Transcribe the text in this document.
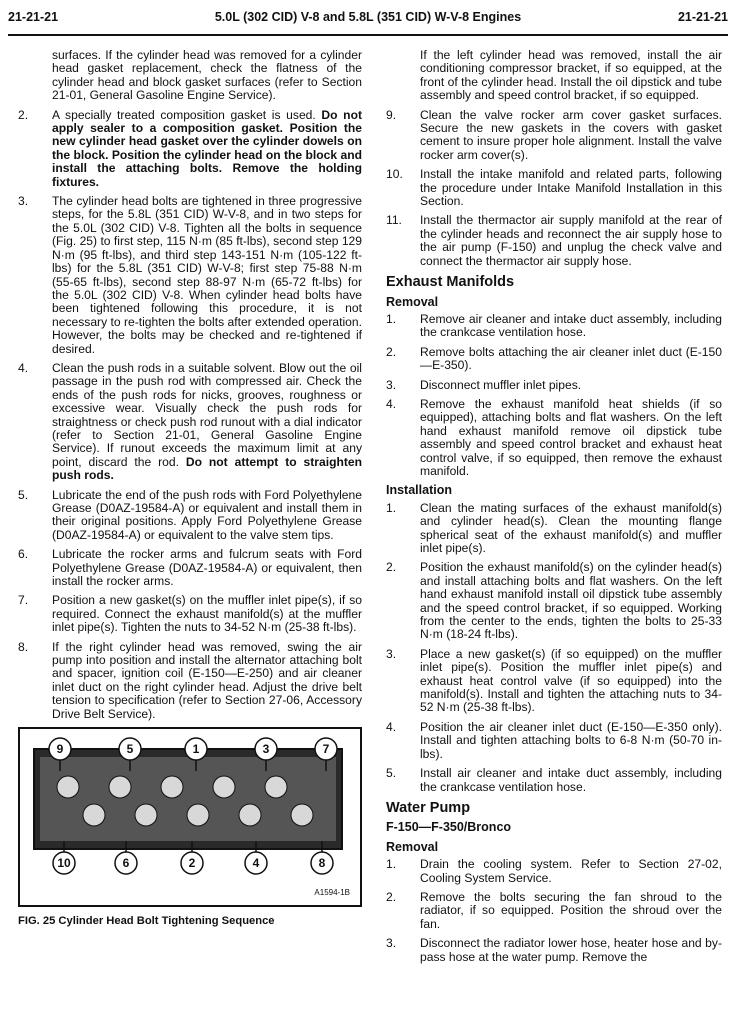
21-21-21	5.0L (302 CID) V-8 and 5.8L (351 CID) W-V-8 Engines	21-21-21

surfaces. If the cylinder head was removed for a cylinder head gasket replacement, check the flatness of the cylinder head and block gasket surfaces (refer to Section 21-01, General Gasoline Engine Service).

2.	A specially treated composition gasket is used. Do not apply sealer to a composition gasket. Position the new cylinder head gasket over the cylinder dowels on the block. Position the cylinder head on the block and install the attaching bolts. Remove the holding fixtures.
3.	The cylinder head bolts are tightened in three progressive steps, for the 5.8L (351 CID) W-V-8, and in two steps for the 5.0L (302 CID) V-8. Tighten all the bolts in sequence (Fig. 25) to first step, 115 N·m (85 ft-lbs), second step 129 N·m (95 ft-lbs), and third step 143-151 N·m (105-122 ft-lbs) for the 5.8L (351 CID) W-V-8; first step 75-88 N·m (55-65 ft-lbs), second step 88-97 N·m (65-72 ft-lbs) for the 5.0L (302 CID) V-8. When cylinder head bolts have been tightened following this procedure, it is not necessary to re-tighten the bolts after extended operation. However, the bolts may be checked and re-tightened if desired.
4.	Clean the push rods in a suitable solvent. Blow out the oil passage in the push rod with compressed air. Check the ends of the push rods for nicks, grooves, roughness or excessive wear. Visually check the push rods for straightness or check push rod runout with a dial indicator (refer to Section 21-01, General Gasoline Engine Service). If runout exceeds the maximum limit at any point, discard the rod. Do not attempt to straighten push rods.
5.	Lubricate the end of the push rods with Ford Polyethylene Grease (D0AZ-19584-A) or equivalent and install them in their original positions. Apply Ford Polyethylene Grease (D0AZ-19584-A) or equivalent to the valve stem tips.
6.	Lubricate the rocker arms and fulcrum seats with Ford Polyethylene Grease (D0AZ-19584-A) or equivalent, then install the rocker arms.
7.	Position a new gasket(s) on the muffler inlet pipe(s), if so required. Connect the exhaust manifold(s) at the muffler inlet pipe(s). Tighten the nuts to 34-52 N·m (25-38 ft-lbs).
8.	If the right cylinder head was removed, swing the air pump into position and install the alternator attaching bolt and spacer, ignition coil (E-150—E-250) and air cleaner inlet duct on the right cylinder head. Adjust the drive belt tension to specification (refer to Section 27-06, Accessory Drive Belt Service).
9	5	1	3	7
10	6	2	4	8
A1594-1B
FIG. 25 Cylinder Head Bolt Tightening Sequence

If the left cylinder head was removed, install the air conditioning compressor bracket, if so equipped, at the front of the cylinder head. Install the oil dipstick and tube assembly and speed control bracket, if so equipped.

9.	Clean the valve rocker arm cover gasket surfaces. Secure the new gaskets in the covers with gasket cement to insure proper hole alignment. Install the valve rocker arm cover(s).
10.	Install the intake manifold and related parts, following the procedure under Intake Manifold Installation in this Section.
11.	Install the thermactor air supply manifold at the rear of the cylinder heads and reconnect the air supply hose to the air pump (F-150) and unplug the check valve and connect the thermactor air supply hose.
Exhaust Manifolds
Removal
1.	Remove air cleaner and intake duct assembly, including the crankcase ventilation hose.
2.	Remove bolts attaching the air cleaner inlet duct (E-150—E-350).
3.	Disconnect muffler inlet pipes.
4.	Remove the exhaust manifold heat shields (if so equipped), attaching bolts and flat washers. On the left hand exhaust manifold remove oil dipstick tube assembly and speed control bracket and exhaust heat control valve, if so equipped, then remove the exhaust manifold.
Installation
1.	Clean the mating surfaces of the exhaust manifold(s) and cylinder head(s). Clean the mounting flange spherical seat of the exhaust manifold(s) and muffler inlet pipe(s).
2.	Position the exhaust manifold(s) on the cylinder head(s) and install attaching bolts and flat washers. On the left hand exhaust manifold install oil dipstick tube assembly and the speed control bracket, if so equipped. Working from the center to the ends, tighten the bolts to 25-33 N·m (18-24 ft-lbs).
3.	Place a new gasket(s) (if so equipped) on the muffler inlet pipe(s). Position the muffler inlet pipe(s) and exhaust heat control valve (if so equipped) into the manifold(s). Install and tighten the attaching nuts to 34-52 N·m (25-38 ft-lbs).
4.	Position the air cleaner inlet duct (E-150—E-350 only). Install and tighten attaching bolts to 6-8 N·m (50-70 in-lbs).
5.	Install air cleaner and intake duct assembly, including the crankcase ventilation hose.
Water Pump
F-150—F-350/Bronco
Removal
1.	Drain the cooling system. Refer to Section 27-02, Cooling System Service.
2.	Remove the bolts securing the fan shroud to the radiator, if so equipped. Position the shroud over the fan.
3.	Disconnect the radiator lower hose, heater hose and by-pass hose at the water pump. Remove the
